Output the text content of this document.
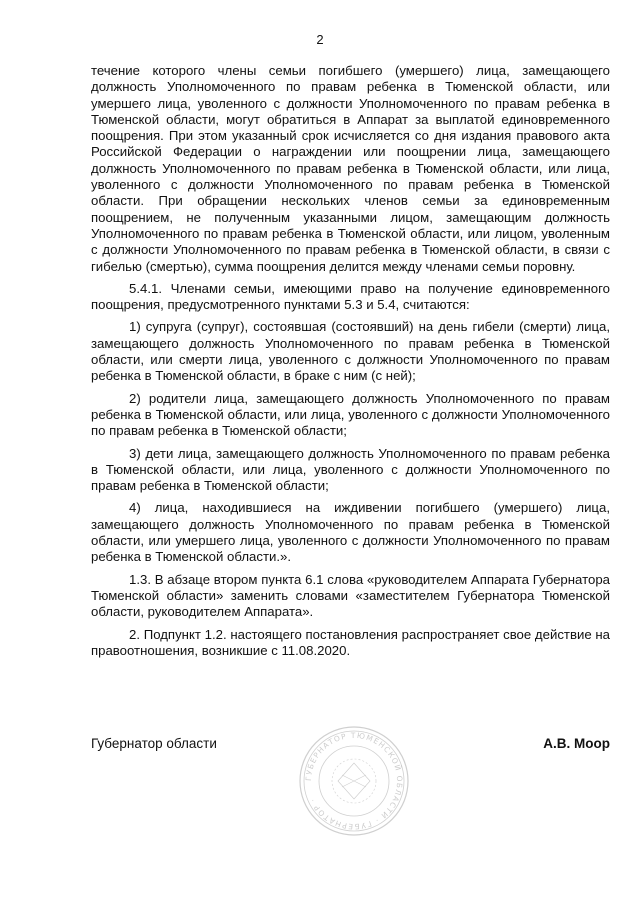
2

течение которого члены семьи погибшего (умершего) лица, замещающего должность Уполномоченного по правам ребенка в Тюменской области, или умершего лица, уволенного с должности Уполномоченного по правам ребенка в Тюменской области, могут обратиться в Аппарат за выплатой единовременного поощрения. При этом указанный срок исчисляется со дня издания правового акта Российской Федерации о награждении или поощрении лица, замещающего должность Уполномоченного по правам ребенка в Тюменской области, или лица, уволенного с должности Уполномоченного по правам ребенка в Тюменской области. При обращении нескольких членов семьи за единовременным поощрением, не полученным указанными лицом, замещающим должность Уполномоченного по правам ребенка в Тюменской области, или лицом, уволенным с должности Уполномоченного по правам ребенка в Тюменской области, в связи с гибелью (смертью), сумма поощрения делится между членами семьи поровну.

5.4.1. Членами семьи, имеющими право на получение единовременного поощрения, предусмотренного пунктами 5.3 и 5.4, считаются:

1) супруга (супруг), состоявшая (состоявший) на день гибели (смерти) лица, замещающего должность Уполномоченного по правам ребенка в Тюменской области, или смерти лица, уволенного с должности Уполномоченного по правам ребенка в Тюменской области, в браке с ним (с ней);

2) родители лица, замещающего должность Уполномоченного по правам ребенка в Тюменской области, или лица, уволенного с должности Уполномоченного по правам ребенка в Тюменской области;

3) дети лица, замещающего должность Уполномоченного по правам ребенка в Тюменской области, или лица, уволенного с должности Уполномоченного по правам ребенка в Тюменской области;

4) лица, находившиеся на иждивении погибшего (умершего) лица, замещающего должность Уполномоченного по правам ребенка в Тюменской области, или умершего лица, уволенного с должности Уполномоченного по правам ребенка в Тюменской области.».

1.3. В абзаце втором пункта 6.1 слова «руководителем Аппарата Губернатора Тюменской области» заменить словами «заместителем Губернатора Тюменской области, руководителем Аппарата».

2. Подпункт 1.2. настоящего постановления распространяет свое действие на правоотношения, возникшие с 11.08.2020.

Губернатор области	А.В. Моор
ГУБЕРНАТОР ТЮМЕНСКОЙ ОБЛАСТИ · ГУБЕРНАТОР ·
